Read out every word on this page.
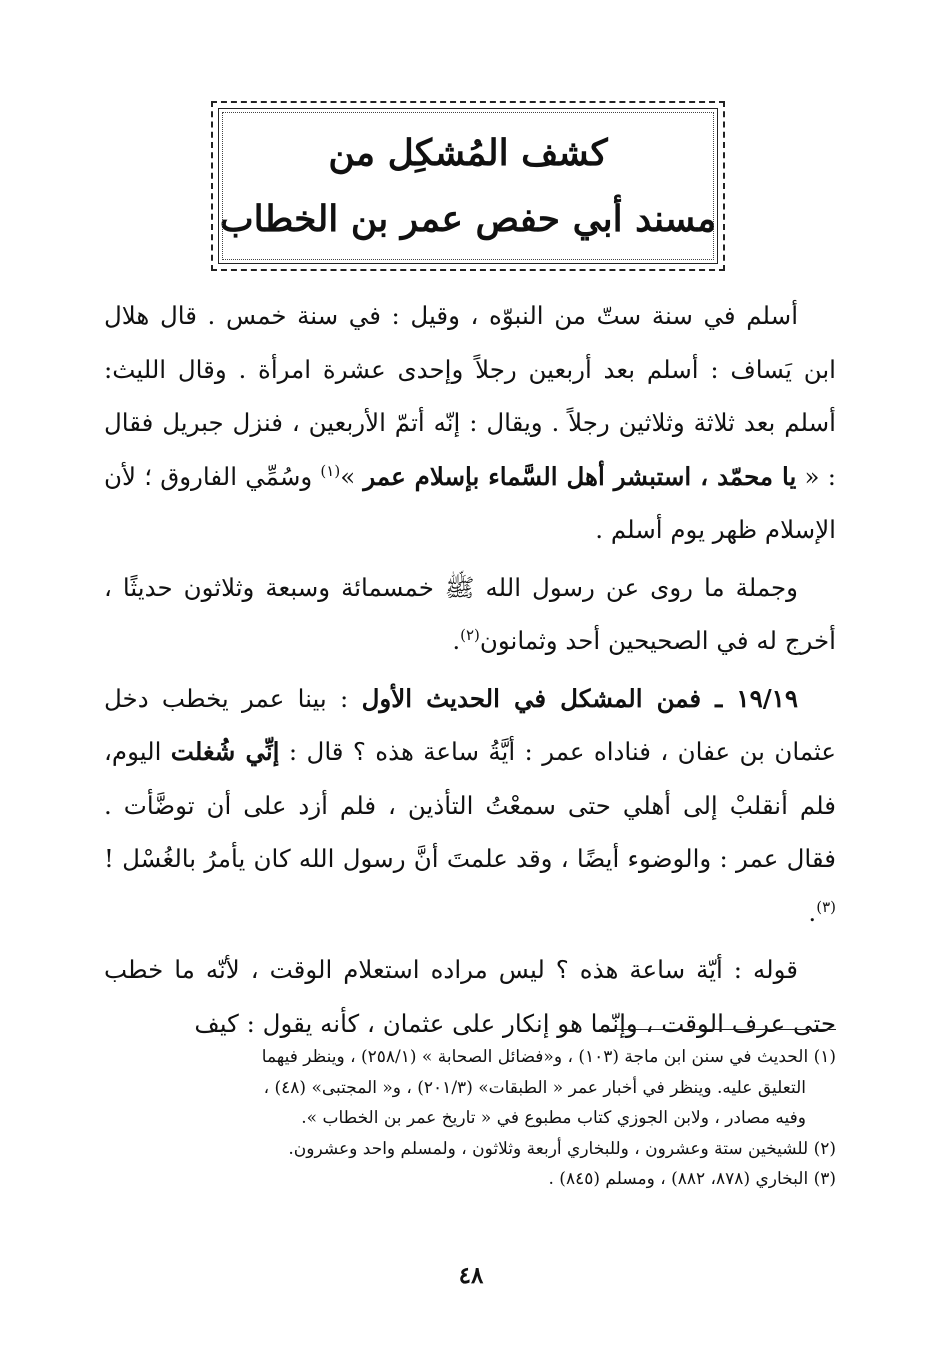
كشف المُشكِل من
مسند أبي حفص عمر بن الخطاب

أسلم في سنة ستّ من النبوّه ، وقيل : في سنة خمس . قال هلال ابن يَساف : أسلم بعد أربعين رجلاً وإحدى عشرة امرأة . وقال الليث: أسلم بعد ثلاثة وثلاثين رجلاً . ويقال : إنّه أتمّ الأربعين ، فنزل جبريل فقال : « يا محمّد ، استبشر أهل السَّماء بإسلام عمر »$^{(١)}$ وسُمِّي الفاروق ؛ لأن الإسلام ظهر يوم أسلم .

وجملة ما روى عن رسول الله ﷺ خمسمائة وسبعة وثلاثون حديثًا ، أخرج له في الصحيحين أحد وثمانون$^{(٢)}$.

١٩/١٩ ـ فمن المشكل في الحديث الأول : بينا عمر يخطب دخل عثمان بن عفان ، فناداه عمر : أيَّةُ ساعة هذه ؟ قال : إنِّي شُغلت اليوم، فلم أنقلبْ إلى أهلي حتى سمعْتُ التأذين ، فلم أزد على أن توضَّأت . فقال عمر : والوضوء أيضًا ، وقد علمتَ أنَّ رسول الله كان يأمرُ بالغُسْل !$^{(٣)}$.

قوله : أيّة ساعة هذه ؟ ليس مراده استعلام الوقت ، لأنّه ما خطب حتى عرف الوقت ، وإنّما هو إنكار على عثمان ، كأنه يقول : كيف

(١) الحديث في سنن ابن ماجة (١٠٣) ، و«فضائل الصحابة » (٢٥٨/١) ، وينظر فيهما

التعليق عليه. وينظر في أخبار عمر « الطبقات» (٢٠١/٣) ، و« المجتبى» (٤٨) ،

وفيه مصادر ، ولابن الجوزي كتاب مطبوع في « تاريخ عمر بن الخطاب ».

(٢) للشيخين ستة وعشرون ، وللبخاري أربعة وثلاثون ، ولمسلم واحد وعشرون.

(٣) البخاري (٨٧٨، ٨٨٢) ، ومسلم (٨٤٥) .

٤٨
